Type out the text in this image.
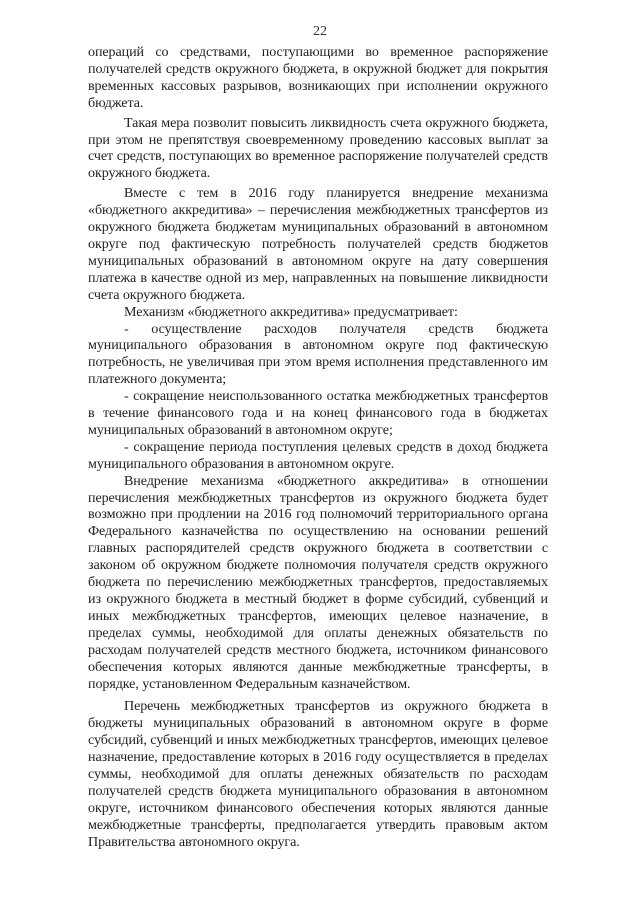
22

операций со средствами, поступающими во временное распоряжение получателей средств окружного бюджета, в окружной бюджет для покрытия временных кассовых разрывов, возникающих при исполнении окружного бюджета.

Такая мера позволит повысить ликвидность счета окружного бюджета, при этом не препятствуя своевременному проведению кассовых выплат за счет средств, поступающих во временное распоряжение получателей средств окружного бюджета.

Вместе с тем в 2016 году планируется внедрение механизма «бюджетного аккредитива» – перечисления межбюджетных трансфертов из окружного бюджета бюджетам муниципальных образований в автономном округе под фактическую потребность получателей средств бюджетов муниципальных образований в автономном округе на дату совершения платежа в качестве одной из мер, направленных на повышение ликвидности счета окружного бюджета.

Механизм «бюджетного аккредитива» предусматривает:

- осуществление расходов получателя средств бюджета муниципального образования в автономном округе под фактическую потребность, не увеличивая при этом время исполнения представленного им платежного документа;

- сокращение неиспользованного остатка межбюджетных трансфертов в течение финансового года и на конец финансового года в бюджетах муниципальных образований в автономном округе;

- сокращение периода поступления целевых средств в доход бюджета муниципального образования в автономном округе.

Внедрение механизма «бюджетного аккредитива» в отношении перечисления межбюджетных трансфертов из окружного бюджета будет возможно при продлении на 2016 год полномочий территориального органа Федерального казначейства по осуществлению на основании решений главных распорядителей средств окружного бюджета в соответствии с законом об окружном бюджете полномочия получателя средств окружного бюджета по перечислению межбюджетных трансфертов, предоставляемых из окружного бюджета в местный бюджет в форме субсидий, субвенций и иных межбюджетных трансфертов, имеющих целевое назначение, в пределах суммы, необходимой для оплаты денежных обязательств по расходам получателей средств местного бюджета, источником финансового обеспечения которых являются данные межбюджетные трансферты, в порядке, установленном Федеральным казначейством.

Перечень межбюджетных трансфертов из окружного бюджета в бюджеты муниципальных образований в автономном округе в форме субсидий, субвенций и иных межбюджетных трансфертов, имеющих целевое назначение, предоставление которых в 2016 году осуществляется в пределах суммы, необходимой для оплаты денежных обязательств по расходам получателей средств бюджета муниципального образования в автономном округе, источником финансового обеспечения которых являются данные межбюджетные трансферты, предполагается утвердить правовым актом Правительства автономного округа.
